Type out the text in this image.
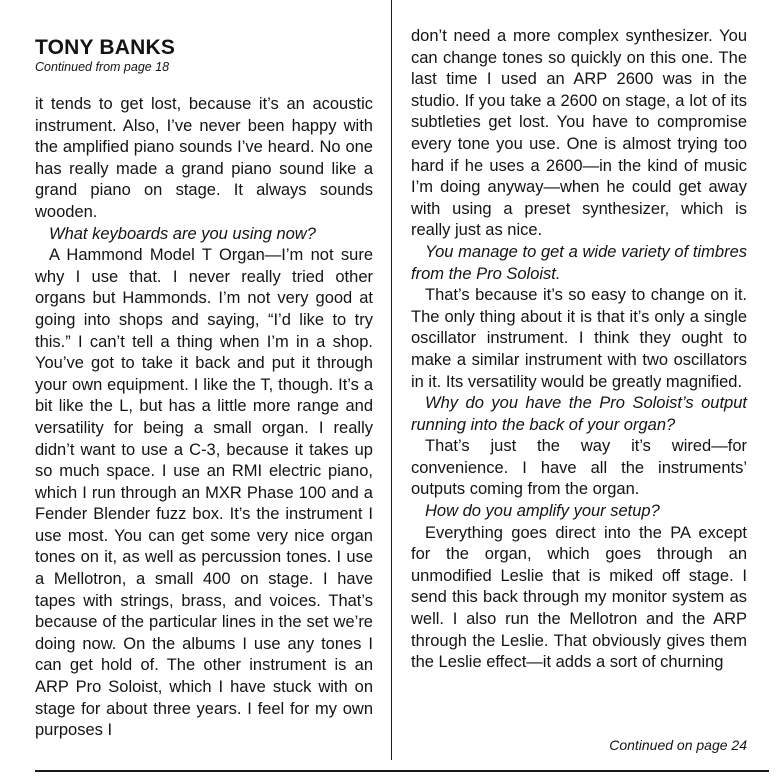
TONY BANKS
Continued from page 18

it tends to get lost, because it’s an acoustic instrument. Also, I’ve never been happy with the amplified piano sounds I’ve heard. No one has really made a grand piano sound like a grand piano on stage. It always sounds wooden.

What keyboards are you using now?

A Hammond Model T Organ—I’m not sure why I use that. I never really tried other organs but Hammonds. I’m not very good at going into shops and saying, “I’d like to try this.” I can’t tell a thing when I’m in a shop. You’ve got to take it back and put it through your own equipment. I like the T, though. It’s a bit like the L, but has a little more range and versatility for being a small organ. I really didn’t want to use a C-3, because it takes up so much space. I use an RMI electric piano, which I run through an MXR Phase 100 and a Fender Blender fuzz box. It’s the instrument I use most. You can get some very nice organ tones on it, as well as percussion tones. I use a Mellotron, a small 400 on stage. I have tapes with strings, brass, and voices. That’s because of the particular lines in the set we’re doing now. On the albums I use any tones I can get hold of. The other instrument is an ARP Pro Soloist, which I have stuck with on stage for about three years. I feel for my own purposes I

don’t need a more complex synthesizer. You can change tones so quickly on this one. The last time I used an ARP 2600 was in the studio. If you take a 2600 on stage, a lot of its subtleties get lost. You have to compromise every tone you use. One is almost trying too hard if he uses a 2600—in the kind of music I’m doing anyway—when he could get away with using a preset synthesizer, which is really just as nice.

You manage to get a wide variety of timbres from the Pro Soloist.

That’s because it’s so easy to change on it. The only thing about it is that it’s only a single oscillator instrument. I think they ought to make a similar instrument with two oscillators in it. Its versatility would be greatly magnified.

Why do you have the Pro Soloist’s output running into the back of your organ?

That’s just the way it’s wired—for convenience. I have all the instruments’ outputs coming from the organ.

How do you amplify your setup?

Everything goes direct into the PA except for the organ, which goes through an unmodified Leslie that is miked off stage. I send this back through my monitor system as well. I also run the Mellotron and the ARP through the Leslie. That obviously gives them the Leslie effect—it adds a sort of churning

Continued on page 24
